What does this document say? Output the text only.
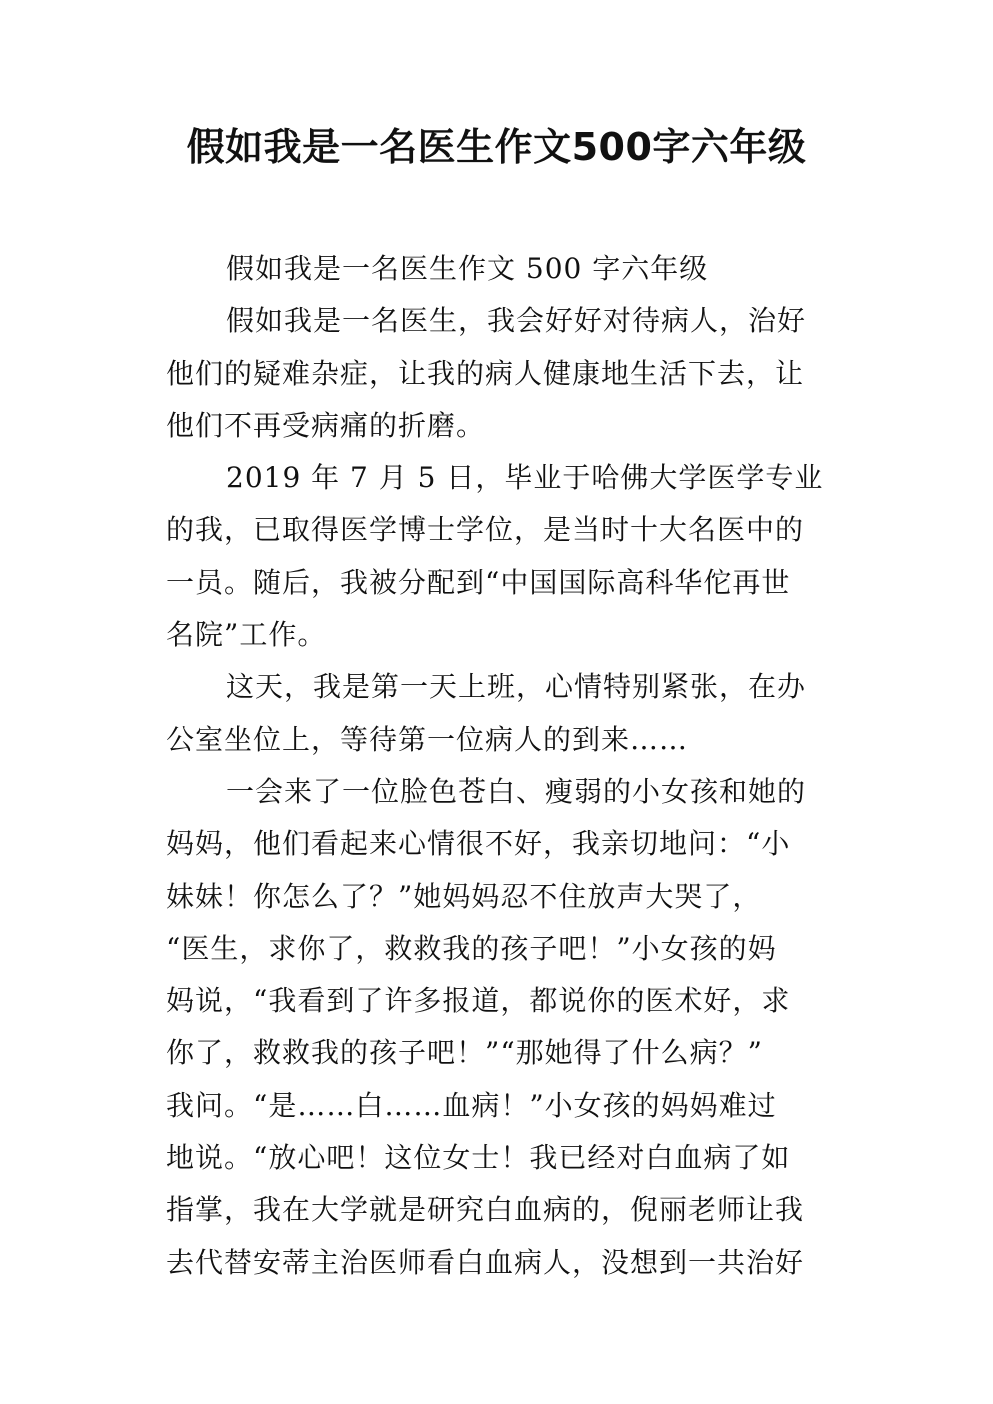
假如我是一名医生作文500字六年级
假如我是一名医生作文 500 字六年级
假如我是一名医生，我会好好对待病人，治好
他们的疑难杂症，让我的病人健康地生活下去，让
他们不再受病痛的折磨。
2019 年 7 月 5 日，毕业于哈佛大学医学专业
的我，已取得医学博士学位，是当时十大名医中的
一员。随后，我被分配到“中国国际高科华佗再世
名院”工作。
这天，我是第一天上班，心情特别紧张，在办
公室坐位上，等待第一位病人的到来……
一会来了一位脸色苍白、瘦弱的小女孩和她的
妈妈，他们看起来心情很不好，我亲切地问：“小
妹妹！你怎么了？”她妈妈忍不住放声大哭了，
“医生，求你了，救救我的孩子吧！”小女孩的妈
妈说，“我看到了许多报道，都说你的医术好，求
你了，救救我的孩子吧！”“那她得了什么病？”
我问。“是……白……血病！”小女孩的妈妈难过
地说。“放心吧！这位女士！我已经对白血病了如
指掌，我在大学就是研究白血病的，倪丽老师让我
去代替安蒂主治医师看白血病人，没想到一共治好
